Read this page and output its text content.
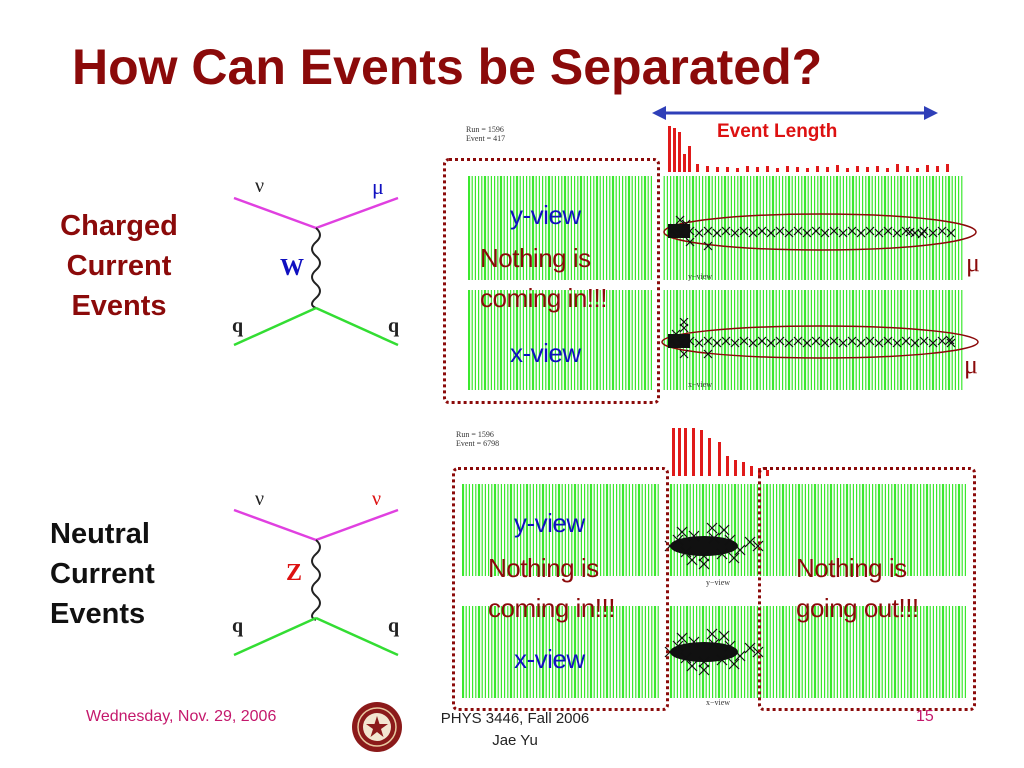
How Can Events be Separated?
Event Length
Charged
Current
Events
Neutral
Current
Events
ν	μ
W
q	q
ν	ν
Z
q	q
Run = 1596
Event = 417
y−view
x−view
μ
μ
y-view
Nothing is
coming in!!!
x-view
Run = 1596
Event = 6798
y−view
x−view
y-view
Nothing is
coming in!!!
x-view
Nothing is
going out!!!
Wednesday, Nov. 29, 2006	PHYS 3446, Fall 2006
Jae Yu
15
